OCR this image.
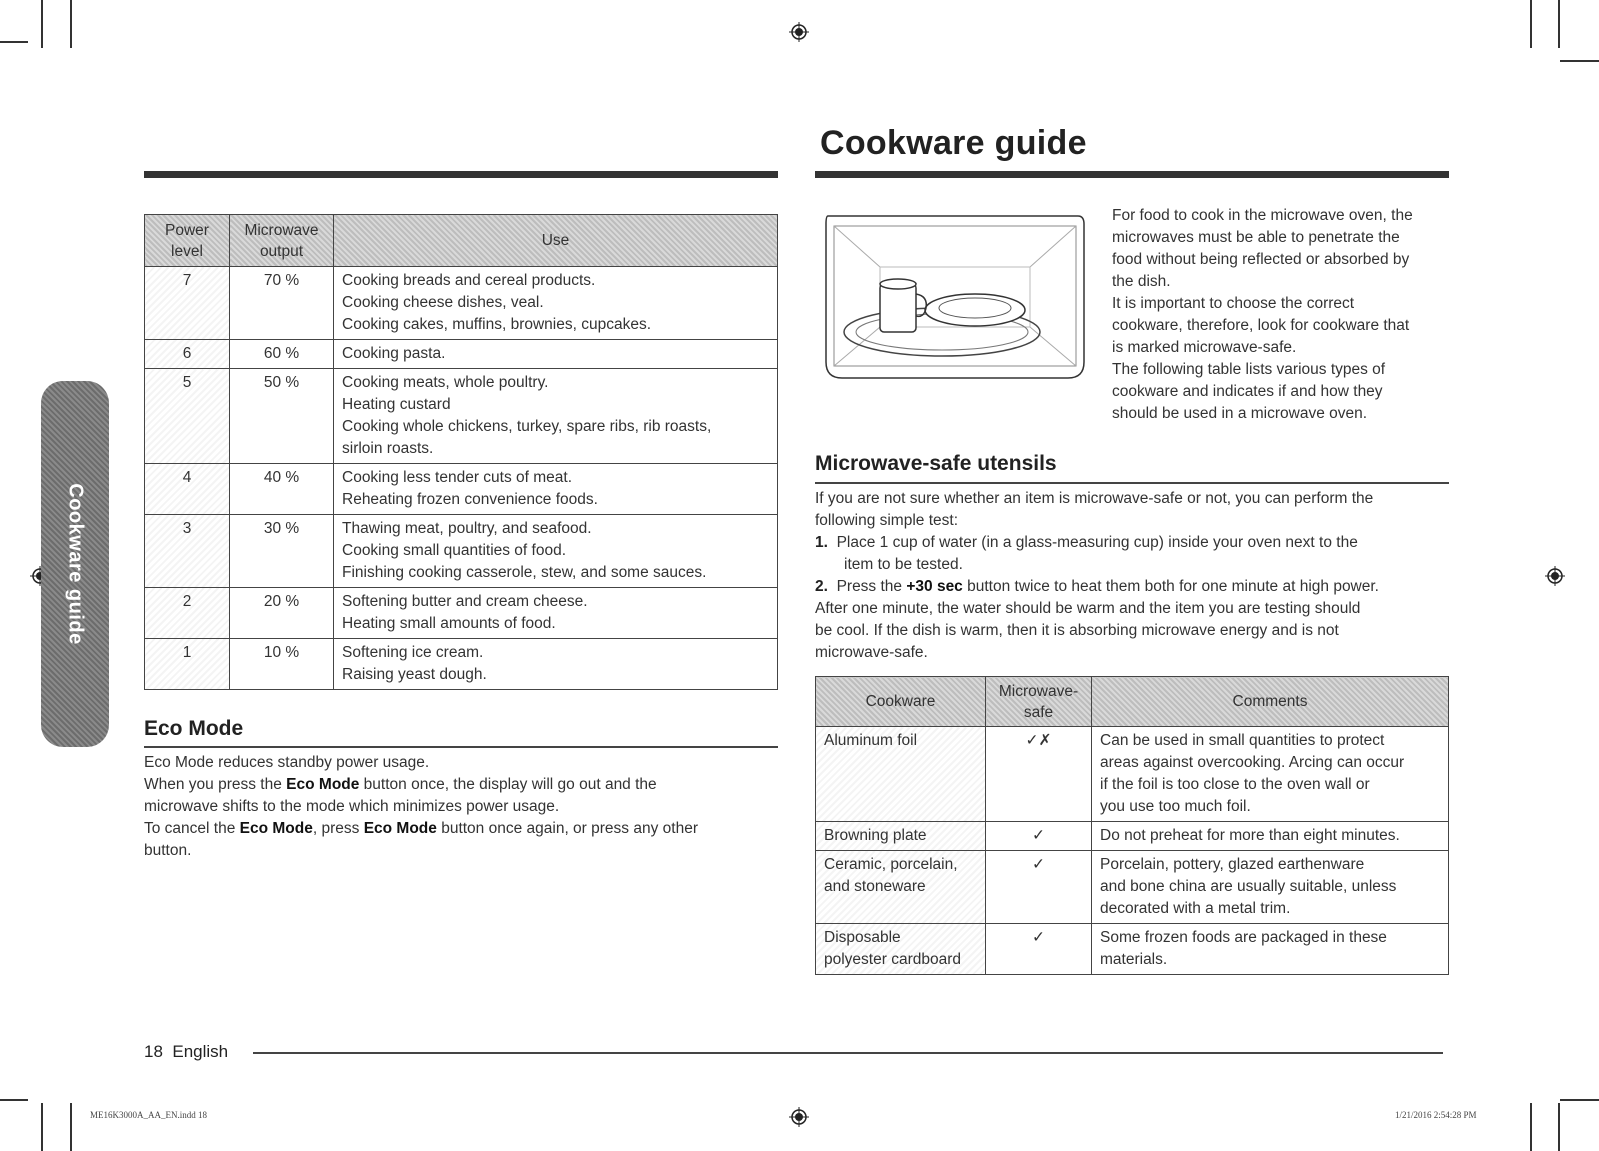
Cookware guide
Cookware guide
Power
level	Microwave
output	Use

7	70 %	Cooking breads and cereal products.
Cooking cheese dishes, veal.
Cooking cakes, muffins, brownies, cupcakes.

6	60 %	Cooking pasta.

5	50 %	Cooking meats, whole poultry.
Heating custard
Cooking whole chickens, turkey, spare ribs, rib roasts,
sirloin roasts.

4	40 %	Cooking less tender cuts of meat.
Reheating frozen convenience foods.

3	30 %	Thawing meat, poultry, and seafood.
Cooking small quantities of food.
Finishing cooking casserole, stew, and some sauces.

2	20 %	Softening butter and cream cheese.
Heating small amounts of food.

1	10 %	Softening ice cream.
Raising yeast dough.
Eco Mode
Eco Mode reduces standby power usage.
When you press the Eco Mode button once, the display will go out and the
microwave shifts to the mode which minimizes power usage.
To cancel the Eco Mode, press Eco Mode button once again, or press any other
button.
For food to cook in the microwave oven, the
microwaves must be able to penetrate the
food without being reflected or absorbed by
the dish.
It is important to choose the correct
cookware, therefore, look for cookware that
is marked microwave-safe.
The following table lists various types of
cookware and indicates if and how they
should be used in a microwave oven.
Microwave-safe utensils
If you are not sure whether an item is microwave-safe or not, you can perform the
following simple test:
1. Place 1 cup of water (in a glass-measuring cup) inside your oven next to the
item to be tested.
2. Press the +30 sec button twice to heat them both for one minute at high power.
After one minute, the water should be warm and the item you are testing should
be cool. If the dish is warm, then it is absorbing microwave energy and is not
microwave-safe.
Cookware	Microwave-
safe	Comments

Aluminum foil	✓✗	Can be used in small quantities to protect
areas against overcooking. Arcing can occur
if the foil is too close to the oven wall or
you use too much foil.

Browning plate	✓	Do not preheat for more than eight minutes.

Ceramic, porcelain,
and stoneware	✓	Porcelain, pottery, glazed earthenware
and bone china are usually suitable, unless
decorated with a metal trim.

Disposable
polyester cardboard	✓	Some frozen foods are packaged in these
materials.
18 English
ME16K3000A_AA_EN.indd 18	1/21/2016 2:54:28 PM
